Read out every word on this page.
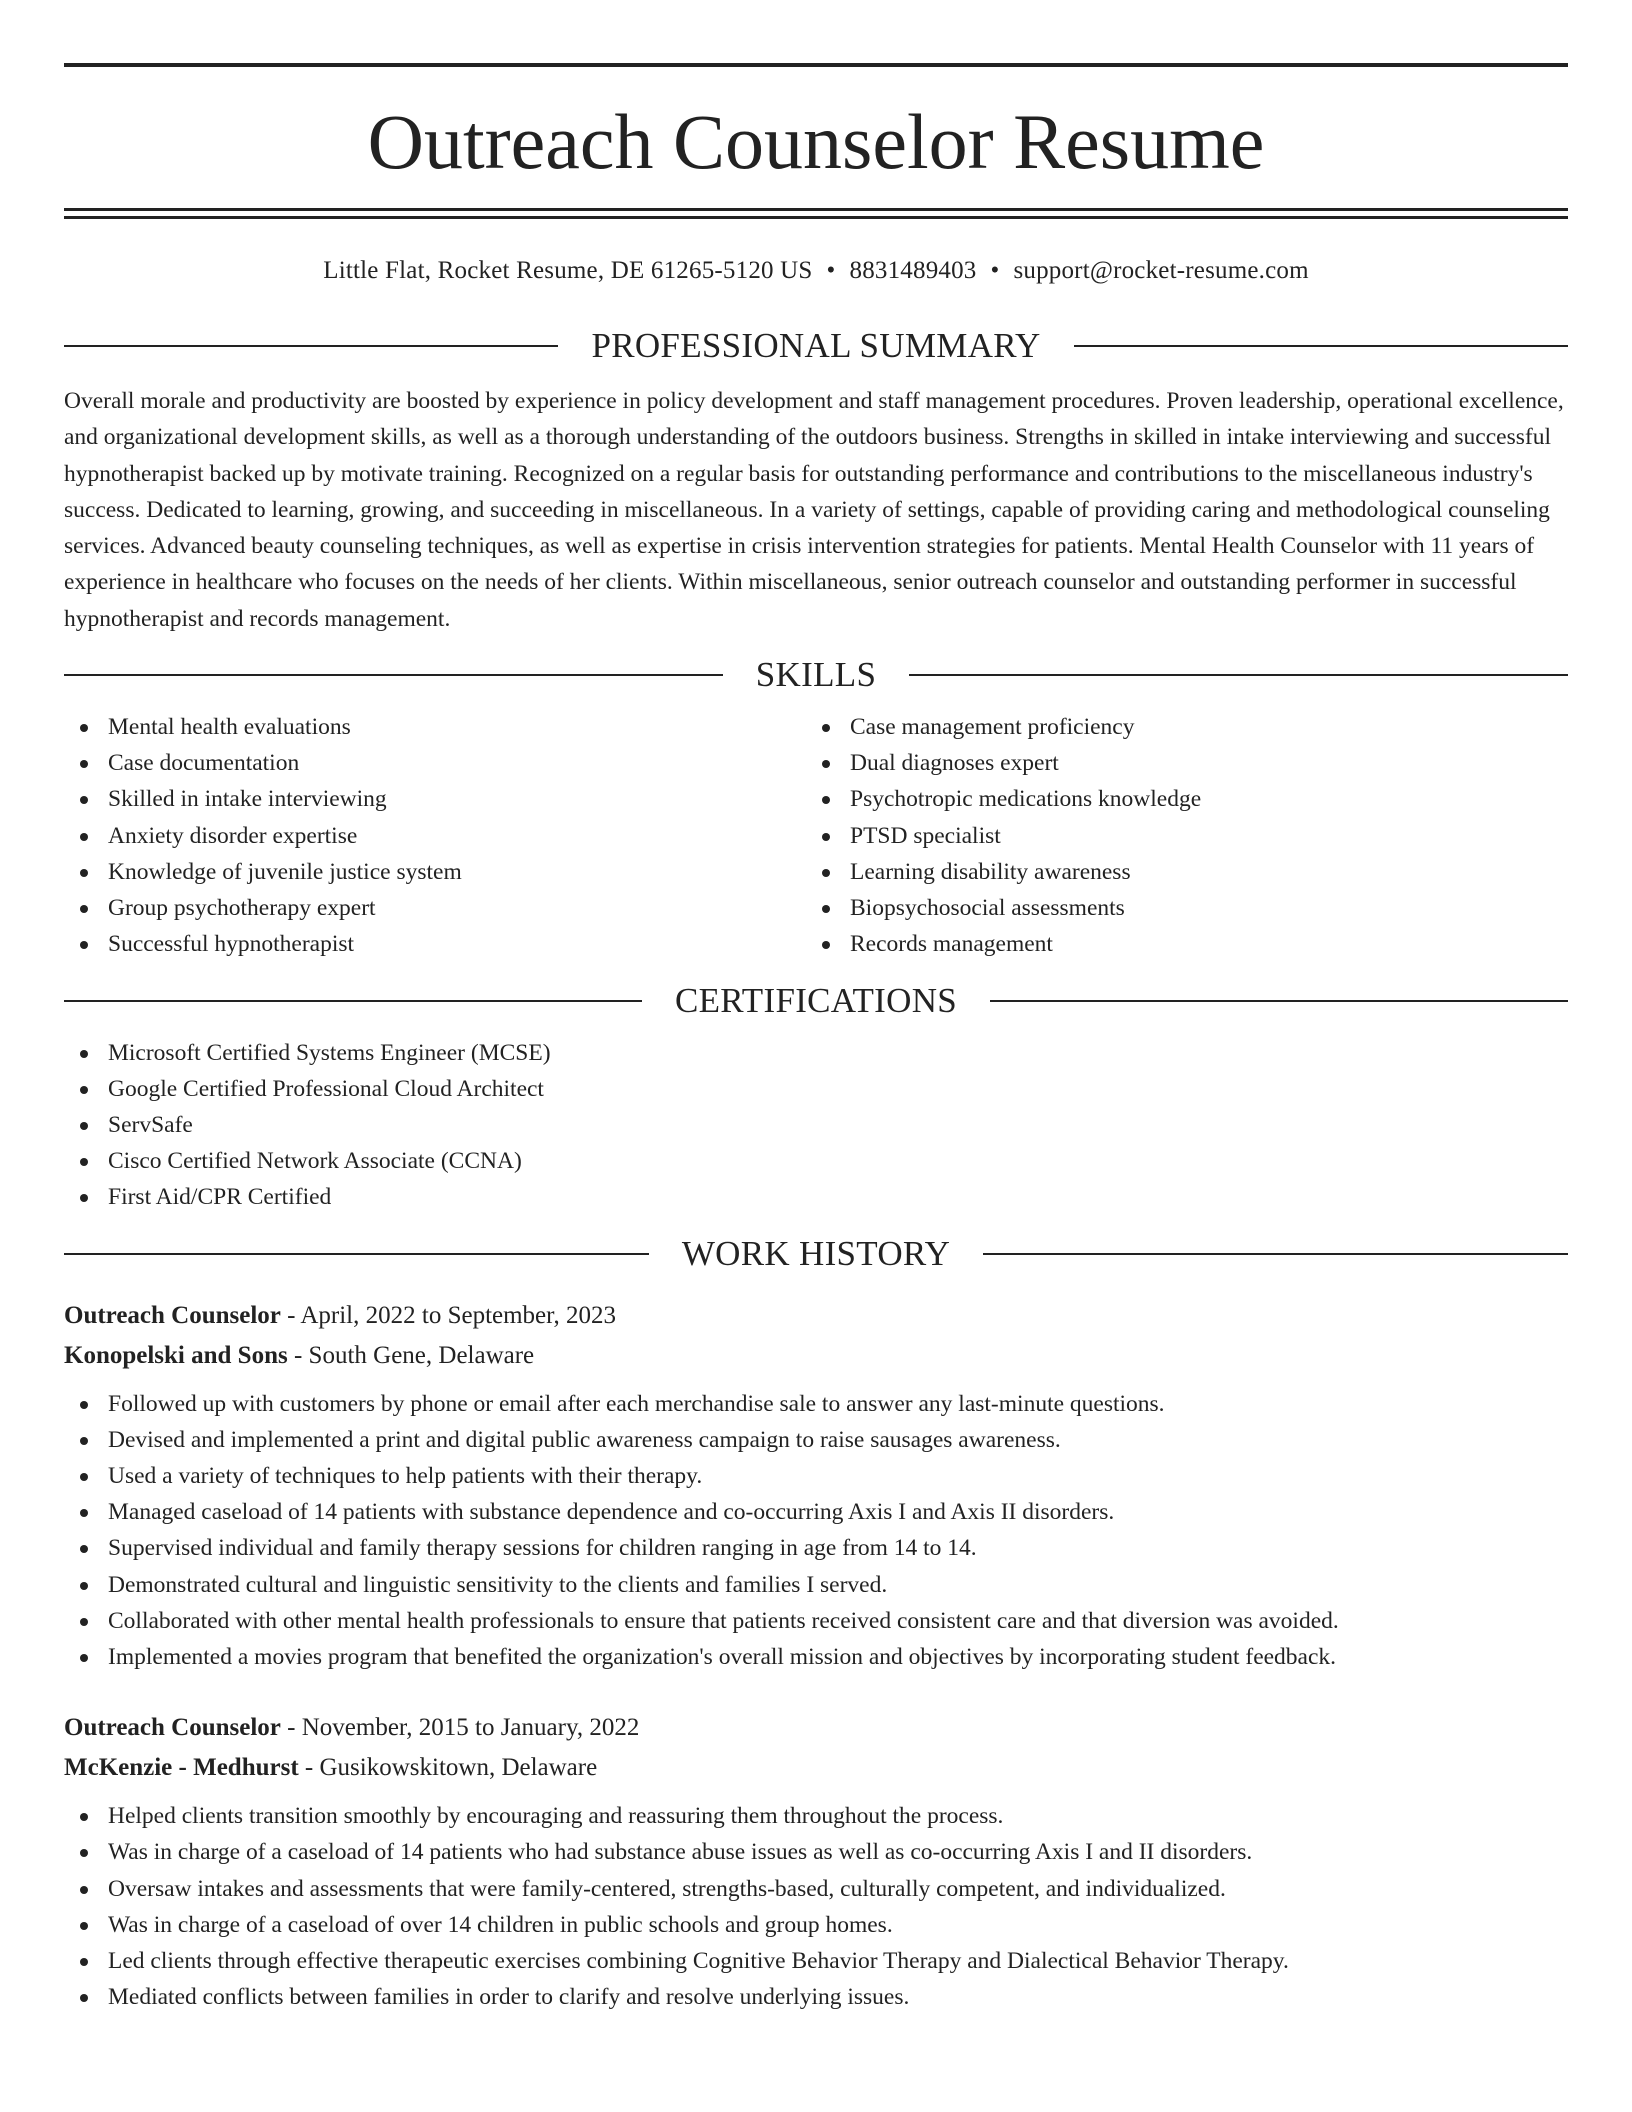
Outreach Counselor Resume
Little Flat, Rocket Resume, DE 61265-5120 US • 8831489403 • support@rocket-resume.com
PROFESSIONAL SUMMARY
Overall morale and productivity are boosted by experience in policy development and staff management procedures. Proven leadership, operational excellence, and organizational development skills, as well as a thorough understanding of the outdoors business. Strengths in skilled in intake interviewing and successful hypnotherapist backed up by motivate training. Recognized on a regular basis for outstanding performance and contributions to the miscellaneous industry's success. Dedicated to learning, growing, and succeeding in miscellaneous. In a variety of settings, capable of providing caring and methodological counseling services. Advanced beauty counseling techniques, as well as expertise in crisis intervention strategies for patients. Mental Health Counselor with 11 years of experience in healthcare who focuses on the needs of her clients. Within miscellaneous, senior outreach counselor and outstanding performer in successful hypnotherapist and records management.
SKILLS
Mental health evaluations
Case documentation
Skilled in intake interviewing
Anxiety disorder expertise
Knowledge of juvenile justice system
Group psychotherapy expert
Successful hypnotherapist
Case management proficiency
Dual diagnoses expert
Psychotropic medications knowledge
PTSD specialist
Learning disability awareness
Biopsychosocial assessments
Records management
CERTIFICATIONS
Microsoft Certified Systems Engineer (MCSE)
Google Certified Professional Cloud Architect
ServSafe
Cisco Certified Network Associate (CCNA)
First Aid/CPR Certified
WORK HISTORY
Outreach Counselor - April, 2022 to September, 2023
Konopelski and Sons - South Gene, Delaware
Followed up with customers by phone or email after each merchandise sale to answer any last-minute questions.
Devised and implemented a print and digital public awareness campaign to raise sausages awareness.
Used a variety of techniques to help patients with their therapy.
Managed caseload of 14 patients with substance dependence and co-occurring Axis I and Axis II disorders.
Supervised individual and family therapy sessions for children ranging in age from 14 to 14.
Demonstrated cultural and linguistic sensitivity to the clients and families I served.
Collaborated with other mental health professionals to ensure that patients received consistent care and that diversion was avoided.
Implemented a movies program that benefited the organization's overall mission and objectives by incorporating student feedback.
Outreach Counselor - November, 2015 to January, 2022
McKenzie - Medhurst - Gusikowskitown, Delaware
Helped clients transition smoothly by encouraging and reassuring them throughout the process.
Was in charge of a caseload of 14 patients who had substance abuse issues as well as co-occurring Axis I and II disorders.
Oversaw intakes and assessments that were family-centered, strengths-based, culturally competent, and individualized.
Was in charge of a caseload of over 14 children in public schools and group homes.
Led clients through effective therapeutic exercises combining Cognitive Behavior Therapy and Dialectical Behavior Therapy.
Mediated conflicts between families in order to clarify and resolve underlying issues.
